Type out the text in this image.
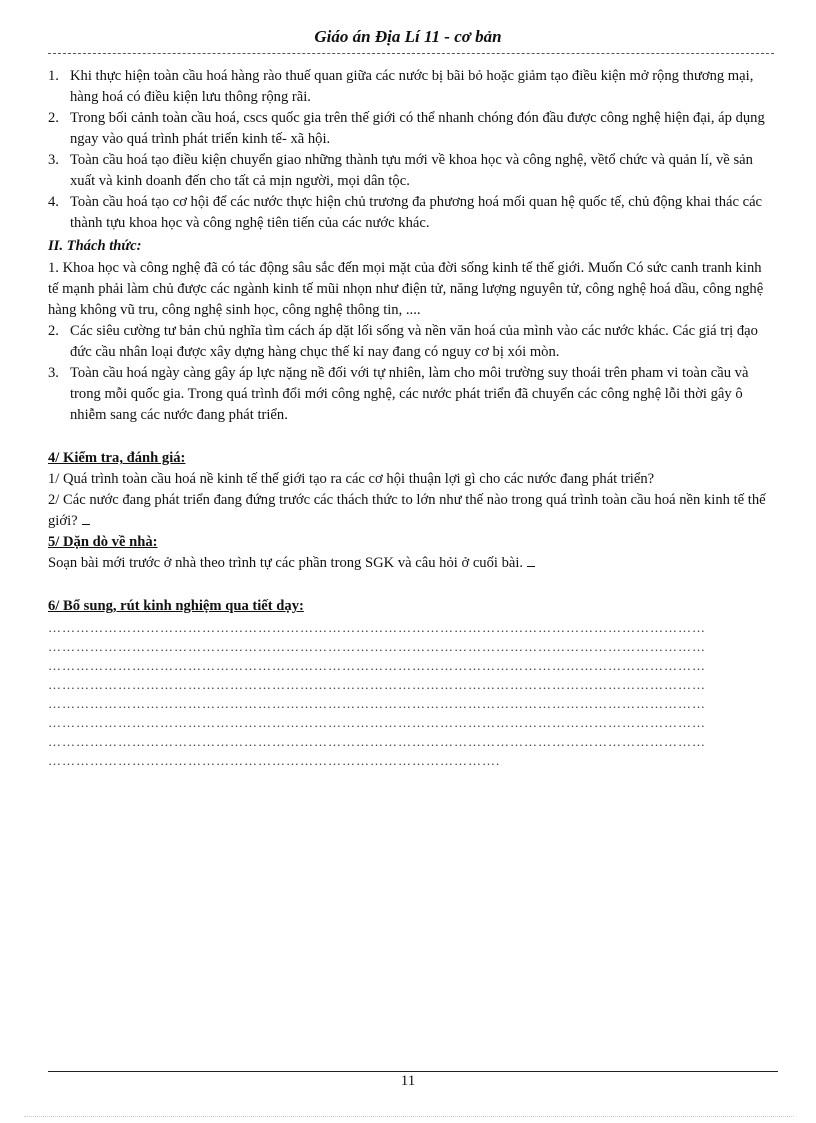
Giáo án Địa Lí 11 - cơ bản
1. Khi thực hiện toàn cầu hoá hàng rào thuế quan giữa các nước bị bãi bỏ hoặc giảm tạo điều kiện mở rộng thương mại, hàng hoá có điều kiện lưu thông rộng rãi.
2. Trong bối cảnh toàn cầu hoá, cscs quốc gia trên thế giới có thể nhanh chóng đón đầu được công nghệ hiện đại, áp dụng ngay vào quá trình phát triển kinh tế- xã hội.
3. Toàn cầu hoá tạo điều kiện chuyển giao những thành tựu mới về khoa học và công nghệ, vềtổ chức và quản lí, về sản xuất và kinh doanh đến cho tất cả mịn người, mọi dân tộc.
4. Toàn cầu hoá tạo cơ hội để các nước thực hiện chủ trương đa phương hoá mối quan hệ quốc tế, chủ động khai thác các thành tựu khoa học và công nghệ tiên tiến của các nước khác.
II. Thách thức:
1. Khoa học và công nghệ đã có tác động sâu sắc đến mọi mặt của đời sống kinh tế thế giới. Muốn Có sức canh tranh kinh tế mạnh phải làm chủ được các ngành kinh tế mũi nhọn như điện tử, năng lượng nguyên tử, công nghệ hoá dầu, công nghệ hàng không vũ tru, công nghệ sinh học, công nghệ thông tin, ....
2. Các siêu cường tư bản chủ nghĩa tìm cách áp dặt lối sống và nền văn hoá của mình vào các nước khác. Các giá trị đạo đức cầu nhân loại được xây dựng hàng chục thế kỉ nay đang có nguy cơ bị xói mòn.
3. Toàn cầu hoá ngày càng gây áp lực nặng nề đối với tự nhiên, làm cho môi trường suy thoái trên pham vi toàn cầu và trong mỗi quốc gia. Trong quá trình đổi mới công nghệ, các nước phát triển đã chuyển các công nghệ lỗi thời gây ô nhiễm sang các nước đang phát triển.
4/ Kiểm tra, đánh giá:
1/ Quá trình toàn cầu hoá nề kinh tế thế giới tạo ra các cơ hội thuận lợi gì cho các nước đang phát triển?
2/ Các nước đang phát triển đang đứng trước các thách thức to lớn như thế nào trong quá trình toàn cầu hoá nền kinh tế thế giới?
5/ Dặn dò về nhà:
Soạn bài mới trước ở nhà theo trình tự các phần trong SGK và câu hỏi ở cuối bài.
6/ Bổ sung, rút kinh nghiệm qua tiết dạy:
……………………………………………………………………………………………………………………………
……………………………………………………………………………………………………………………………
……………………………………………………………………………………………………………………………
……………………………………………………………………………………………………………………………
……………………………………………………………………………………………………………………………
……………………………………………………………………………………………………………………………
……………………………………………………………………………………………………………………………
…………………………………………………………………………………….
11
